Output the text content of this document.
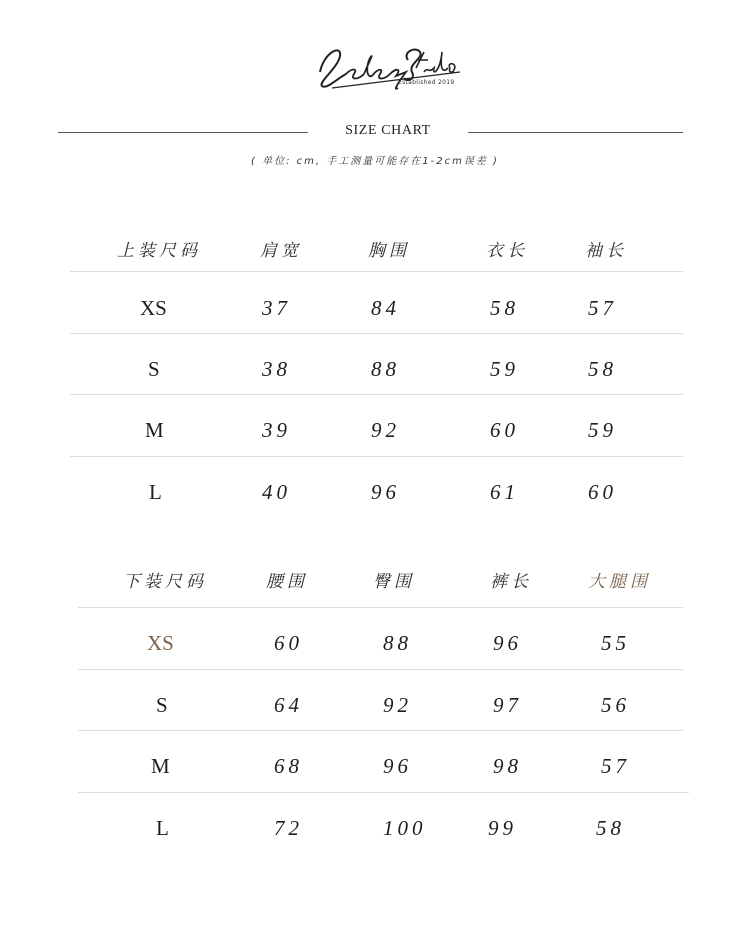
Established 2019
SIZE CHART
( 单位: cm, 手工测量可能存在1-2cm误差 )
上装尺码	肩宽	胸围	衣长	袖长
XS	37	84	58	57
S	38	88	59	58
M	39	92	60	59
L	40	96	61	60
下装尺码	腰围	臀围	裤长	大腿围
XS	60	88	96	55
S	64	92	97	56
M	68	96	98	57
L	72	100	99	58
